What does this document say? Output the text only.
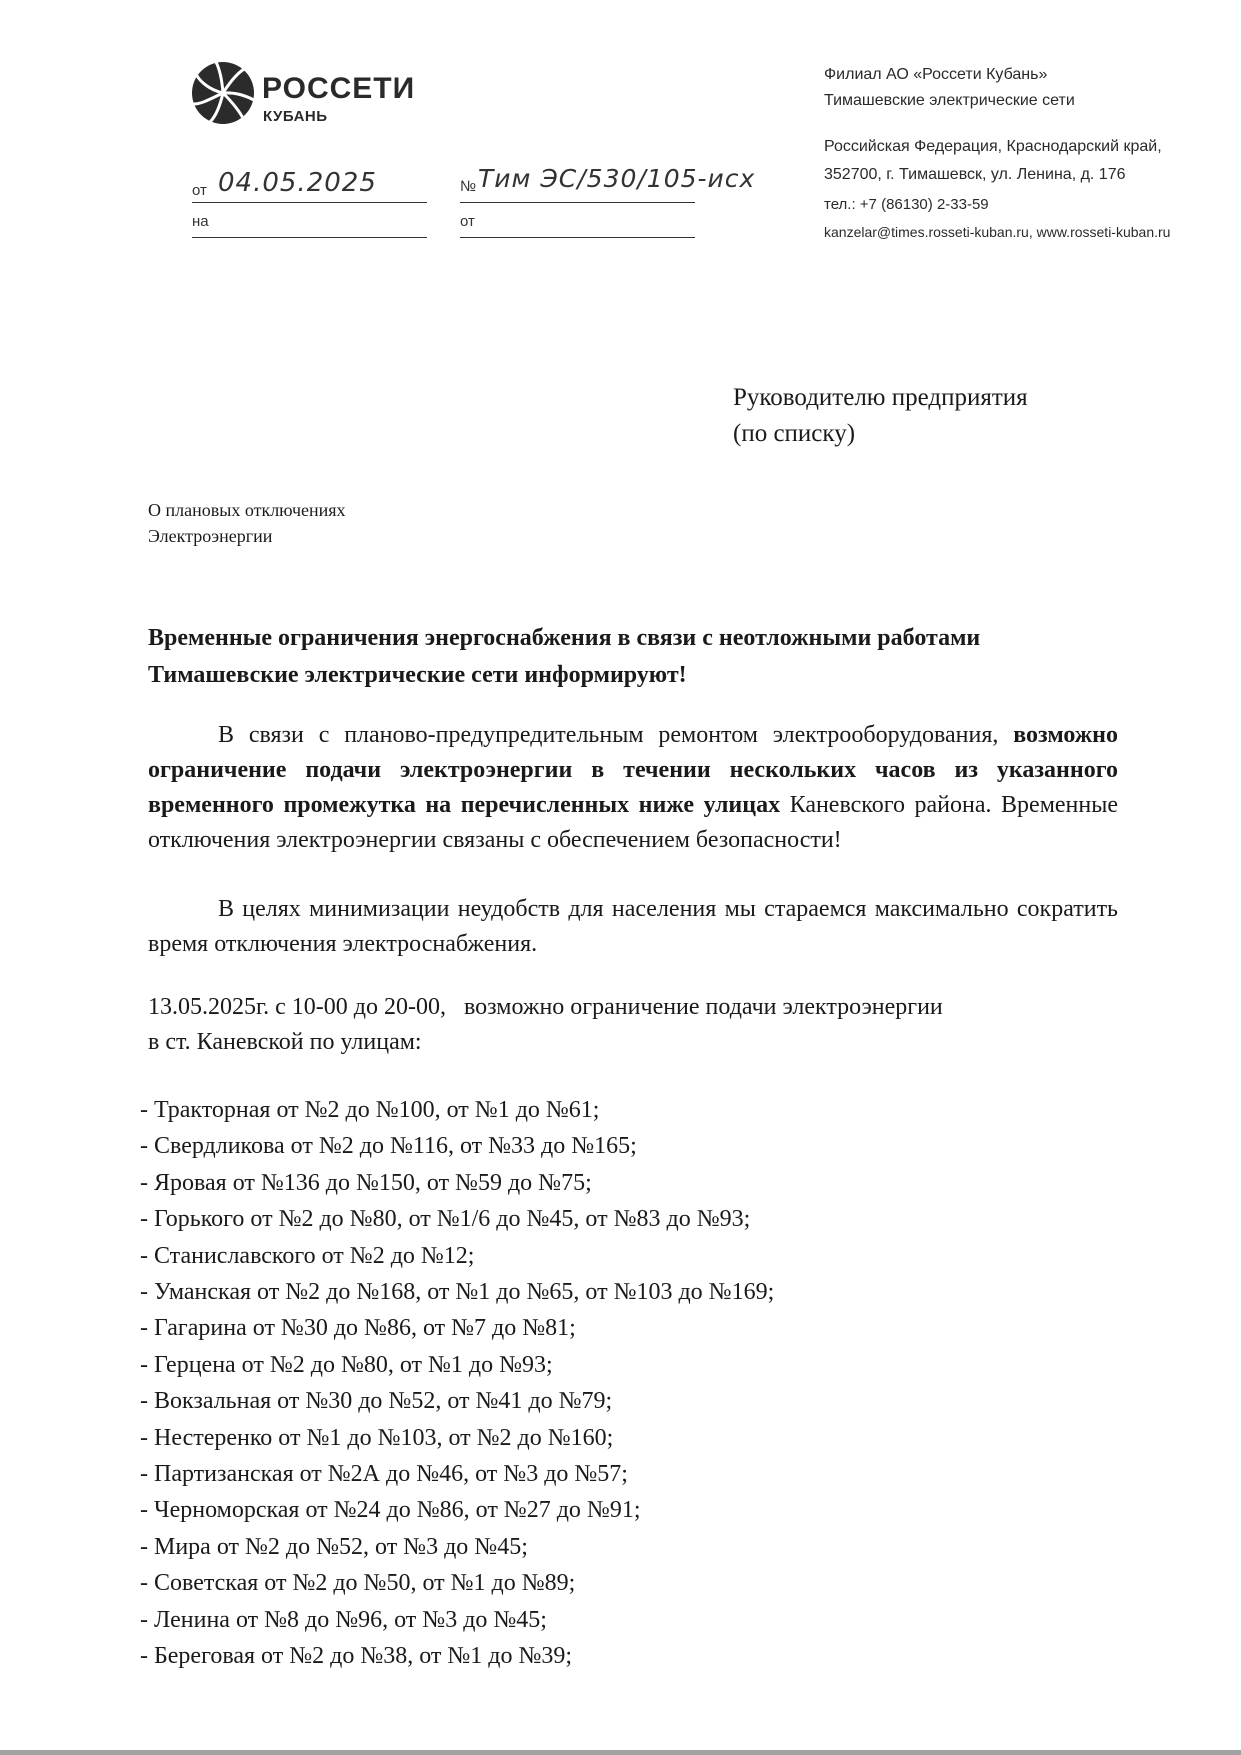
РОССЕТИ
КУБАНЬ
от 04.05.2025
на
№ Тим ЭС/530/105-исх
от
Филиал АО «Россети Кубань»
Тимашевские электрические сети
Российская Федерация, Краснодарский край,
352700, г. Тимашевск, ул. Ленина, д. 176
тел.: +7 (86130) 2-33-59
kanzelar@times.rosseti-kuban.ru, www.rosseti-kuban.ru
Руководителю предприятия
(по списку)
О плановых отключениях
Электроэнергии
Временные ограничения энергоснабжения в связи с неотложными работами Тимашевские электрические сети информируют!
В связи с планово-предупредительным ремонтом электрооборудования, возможно ограничение подачи электроэнергии в течении нескольких часов из указанного временного промежутка на перечисленных ниже улицах Каневского района. Временные отключения электроэнергии связаны с обеспечением безопасности!
В целях минимизации неудобств для населения мы стараемся максимально сократить время отключения электроснабжения.
13.05.2025г. с 10-00 до 20-00,   возможно ограничение подачи электроэнергии
в ст. Каневской по улицам:
- Тракторная от №2 до №100, от №1 до №61;
- Свердликова от №2 до №116, от №33 до №165;
- Яровая от №136 до №150, от №59 до №75;
- Горького от №2 до №80, от №1/6 до №45, от №83 до №93;
- Станиславского от №2 до №12;
- Уманская от №2 до №168, от №1 до №65, от №103 до №169;
- Гагарина от №30 до №86, от №7 до №81;
- Герцена от №2 до №80, от №1 до №93;
- Вокзальная от №30 до №52, от №41 до №79;
- Нестеренко от №1 до №103, от №2 до №160;
- Партизанская от №2А до №46, от №3 до №57;
- Черноморская от №24 до №86, от №27 до №91;
- Мира от №2 до №52, от №3 до №45;
- Советская от №2 до №50, от №1 до №89;
- Ленина от №8 до №96, от №3 до №45;
- Береговая от №2 до №38, от №1 до №39;
